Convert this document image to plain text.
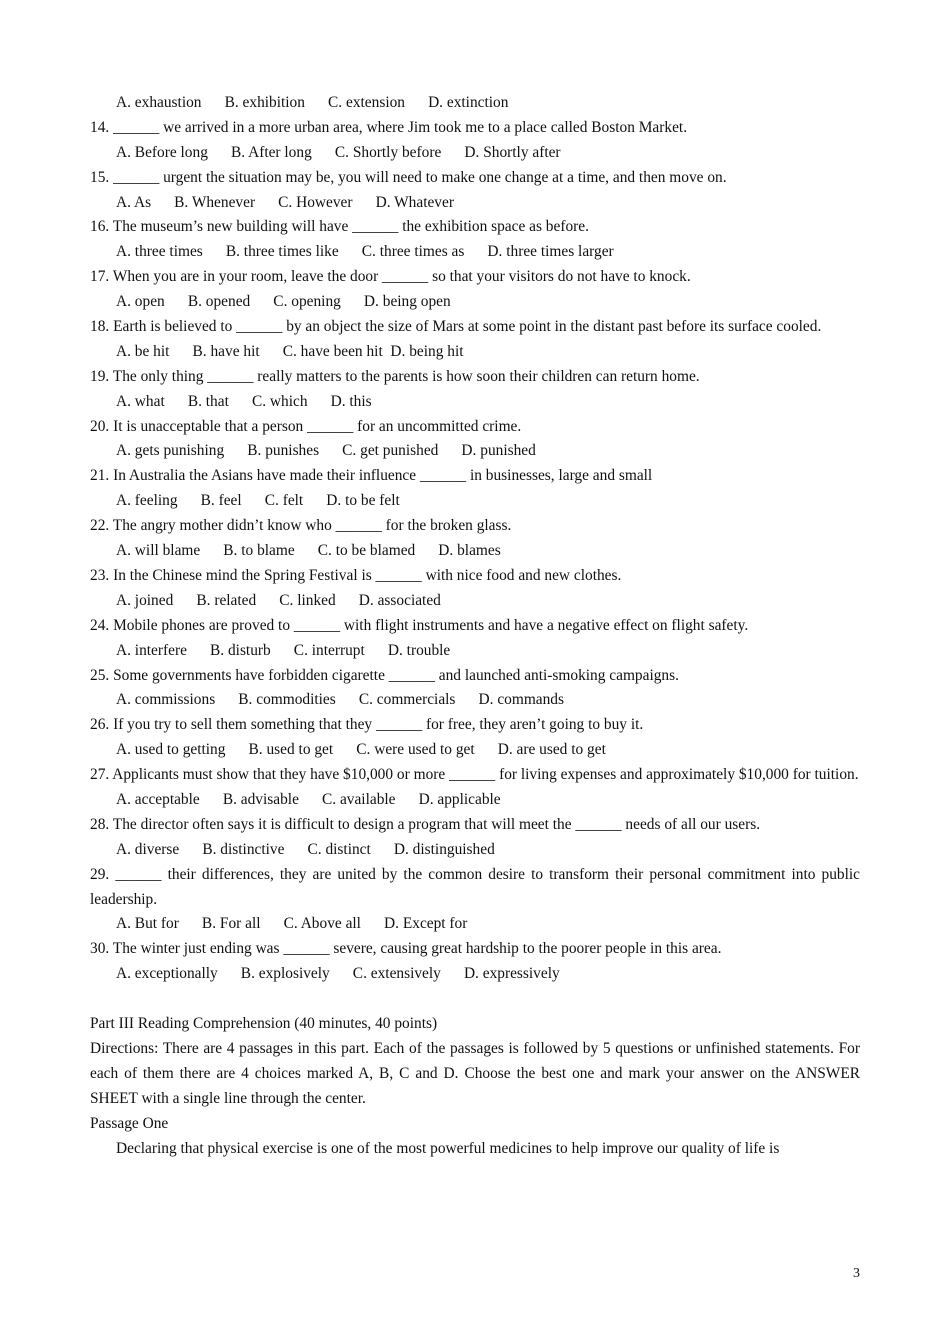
A. exhaustion      B. exhibition      C. extension      D. extinction
14. ______ we arrived in a more urban area, where Jim took me to a place called Boston Market.
A. Before long      B. After long      C. Shortly before      D. Shortly after
15. ______ urgent the situation may be, you will need to make one change at a time, and then move on.
A. As      B. Whenever      C. However      D. Whatever
16. The museum’s new building will have ______ the exhibition space as before.
A. three times      B. three times like      C. three times as      D. three times larger
17. When you are in your room, leave the door ______ so that your visitors do not have to knock.
A. open      B. opened      C. opening      D. being open
18. Earth is believed to ______ by an object the size of Mars at some point in the distant past before its surface cooled.
A. be hit      B. have hit      C. have been hit  D. being hit
19. The only thing ______ really matters to the parents is how soon their children can return home.
A. what      B. that      C. which      D. this
20. It is unacceptable that a person ______ for an uncommitted crime.
A. gets punishing      B. punishes      C. get punished      D. punished
21. In Australia the Asians have made their influence ______ in businesses, large and small
A. feeling      B. feel      C. felt      D. to be felt
22. The angry mother didn’t know who ______ for the broken glass.
A. will blame      B. to blame      C. to be blamed      D. blames
23. In the Chinese mind the Spring Festival is ______ with nice food and new clothes.
A. joined      B. related      C. linked      D. associated
24. Mobile phones are proved to ______ with flight instruments and have a negative effect on flight safety.
A. interfere      B. disturb      C. interrupt      D. trouble
25. Some governments have forbidden cigarette ______ and launched anti-smoking campaigns.
A. commissions      B. commodities      C. commercials      D. commands
26. If you try to sell them something that they ______ for free, they aren’t going to buy it.
A. used to getting      B. used to get      C. were used to get      D. are used to get
27. Applicants must show that they have $10,000 or more ______ for living expenses and approximately $10,000 for tuition.
A. acceptable      B. advisable      C. available      D. applicable
28. The director often says it is difficult to design a program that will meet the ______ needs of all our users.
A. diverse      B. distinctive      C. distinct      D. distinguished
29. ______ their differences, they are united by the common desire to transform their personal commitment into public leadership.
A. But for      B. For all      C. Above all      D. Except for
30. The winter just ending was ______ severe, causing great hardship to the poorer people in this area.
A. exceptionally      B. explosively      C. extensively      D. expressively
Part III Reading Comprehension (40 minutes, 40 points)
Directions: There are 4 passages in this part. Each of the passages is followed by 5 questions or unfinished statements. For each of them there are 4 choices marked A, B, C and D. Choose the best one and mark your answer on the ANSWER SHEET with a single line through the center.
Passage One
Declaring that physical exercise is one of the most powerful medicines to help improve our quality of life is
3
